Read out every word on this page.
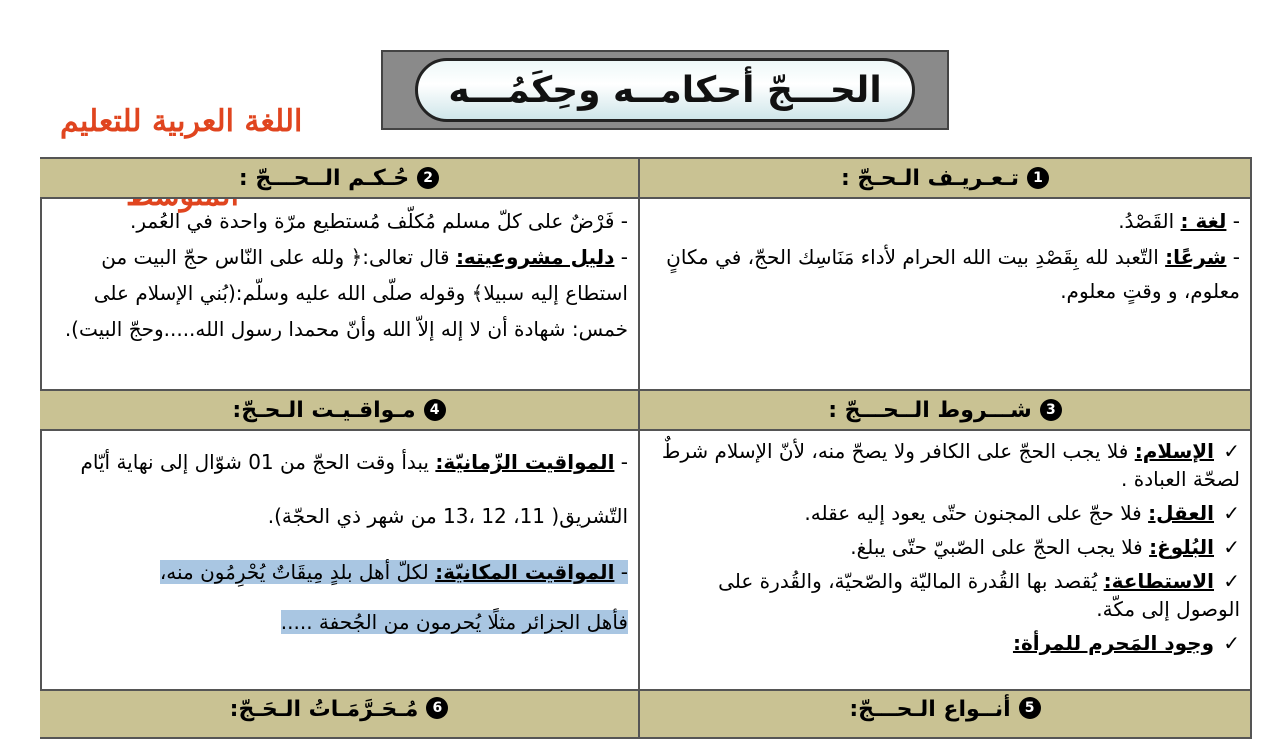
الحـــجّ أحكامــه وحِكَمُـــه
اللغة العربية للتعليم
1
تـعـريـف الـحـجّ :
2
حُـكـم الــحـــجّ :
- لغة : القَصْدُ.
- شرعًا: التّعبد لله بِقَصْدِ بيت الله الحرام لأداء مَنَاسِك الحجّ، في مكانٍ معلوم، و وقتٍ معلوم.
- فَرْضٌ على كلّ مسلم مُكلّف مُستطيع مرّة واحدة في العُمر.
- دليل مشروعيته: قال تعالى:﴿ ولله على النّاس حجّ البيت من استطاع إليه سبيلا﴾ وقوله صلّى الله عليه وسلّم:(بُني الإسلام على خمس: شهادة أن لا إله إلاّ الله وأنّ محمدا رسول الله.....وحجّ البيت).
3
شـــروط الــحـــجّ :
4
مـواقـيـت الـحـجّ:
✓الإسلام: فلا يجب الحجّ على الكافر ولا يصحّ منه، لأنّ الإسلام شرطٌ لصحّة العبادة .
✓العقل: فلا حجّ على المجنون حتّى يعود إليه عقله.
✓البُلوغ: فلا يجب الحجّ على الصّبيّ حتّى يبلغ.
✓الاستطاعة: يُقصد بها القُدرة الماليّة والصّحيّة، والقُدرة على الوصول إلى مكّة.
✓وجود المَحرم للمرأة:
- المواقيت الزّمانيّة: يبدأ وقت الحجّ من 01 شوّال إلى نهاية أيّام التّشريق( 11، 12 ،13 من شهر ذي الحجّة).
- المواقيت المكانيّة: لكلّ أهل بلدٍ مِيقَاتٌ يُحْرِمُون منه،
فأهل الجزائر مثلًا يُحرمون من الجُحفة .....
5
أنــواع الـحـــجّ:
6
مُـحَـرَّمَـاتُ الـحَـجّ:
